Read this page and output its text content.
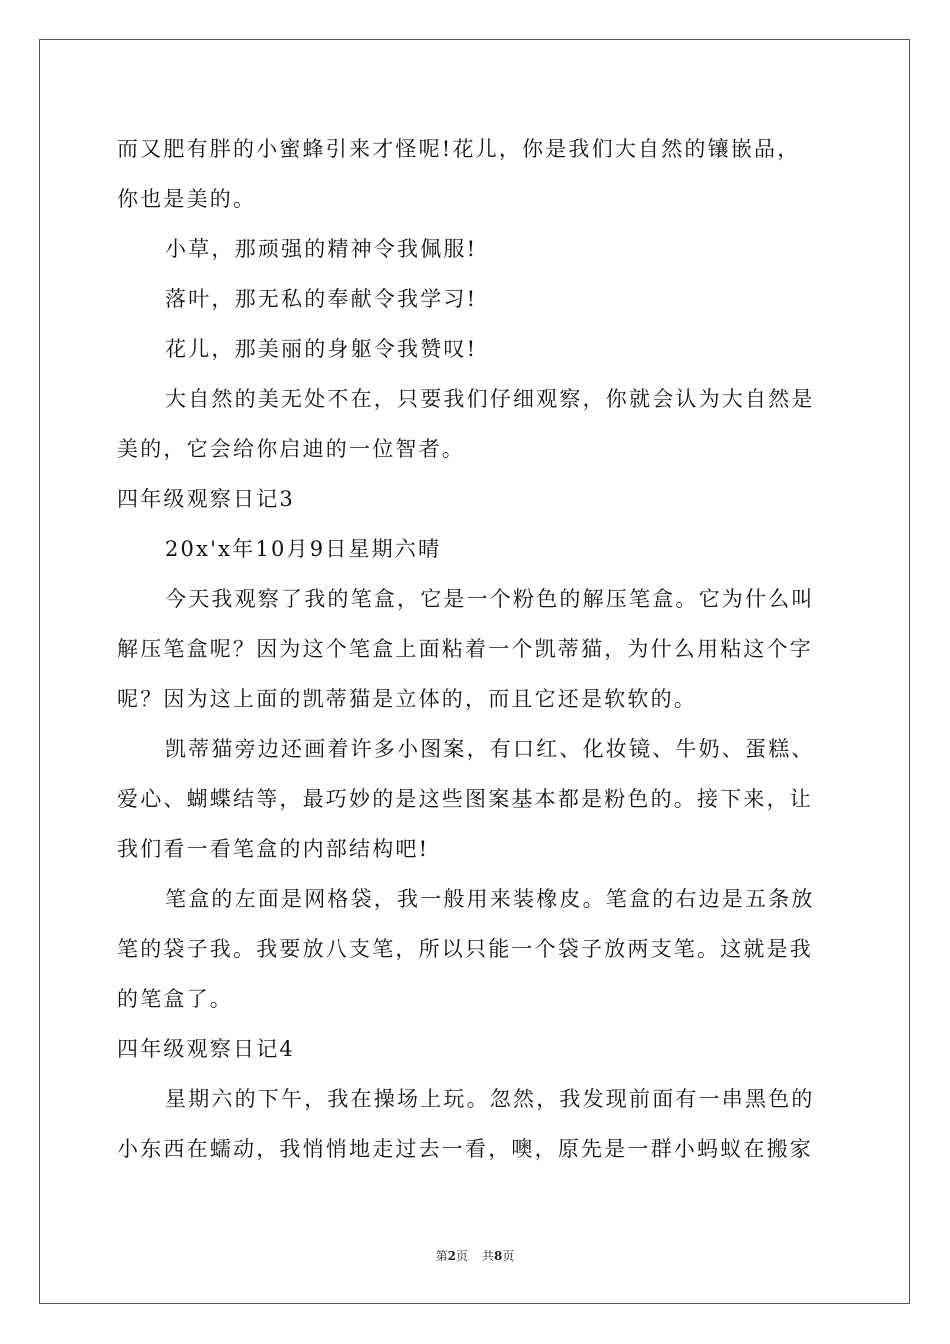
而又肥有胖的小蜜蜂引来才怪呢!花儿，你是我们大自然的镶嵌品，
你也是美的。
小草，那顽强的精神令我佩服!
落叶，那无私的奉献令我学习!
花儿，那美丽的身躯令我赞叹!
大自然的美无处不在，只要我们仔细观察，你就会认为大自然是
美的，它会给你启迪的一位智者。
四年级观察日记3
20x'x年10月9日星期六晴
今天我观察了我的笔盒，它是一个粉色的解压笔盒。它为什么叫
解压笔盒呢？因为这个笔盒上面粘着一个凯蒂猫，为什么用粘这个字
呢？因为这上面的凯蒂猫是立体的，而且它还是软软的。
凯蒂猫旁边还画着许多小图案，有口红、化妆镜、牛奶、蛋糕、
爱心、蝴蝶结等，最巧妙的是这些图案基本都是粉色的。接下来，让
我们看一看笔盒的内部结构吧!
笔盒的左面是网格袋，我一般用来装橡皮。笔盒的右边是五条放
笔的袋子我。我要放八支笔，所以只能一个袋子放两支笔。这就是我
的笔盒了。
四年级观察日记4
星期六的下午，我在操场上玩。忽然，我发现前面有一串黑色的
小东西在蠕动，我悄悄地走过去一看，噢，原先是一群小蚂蚁在搬家
第2页 共8页
